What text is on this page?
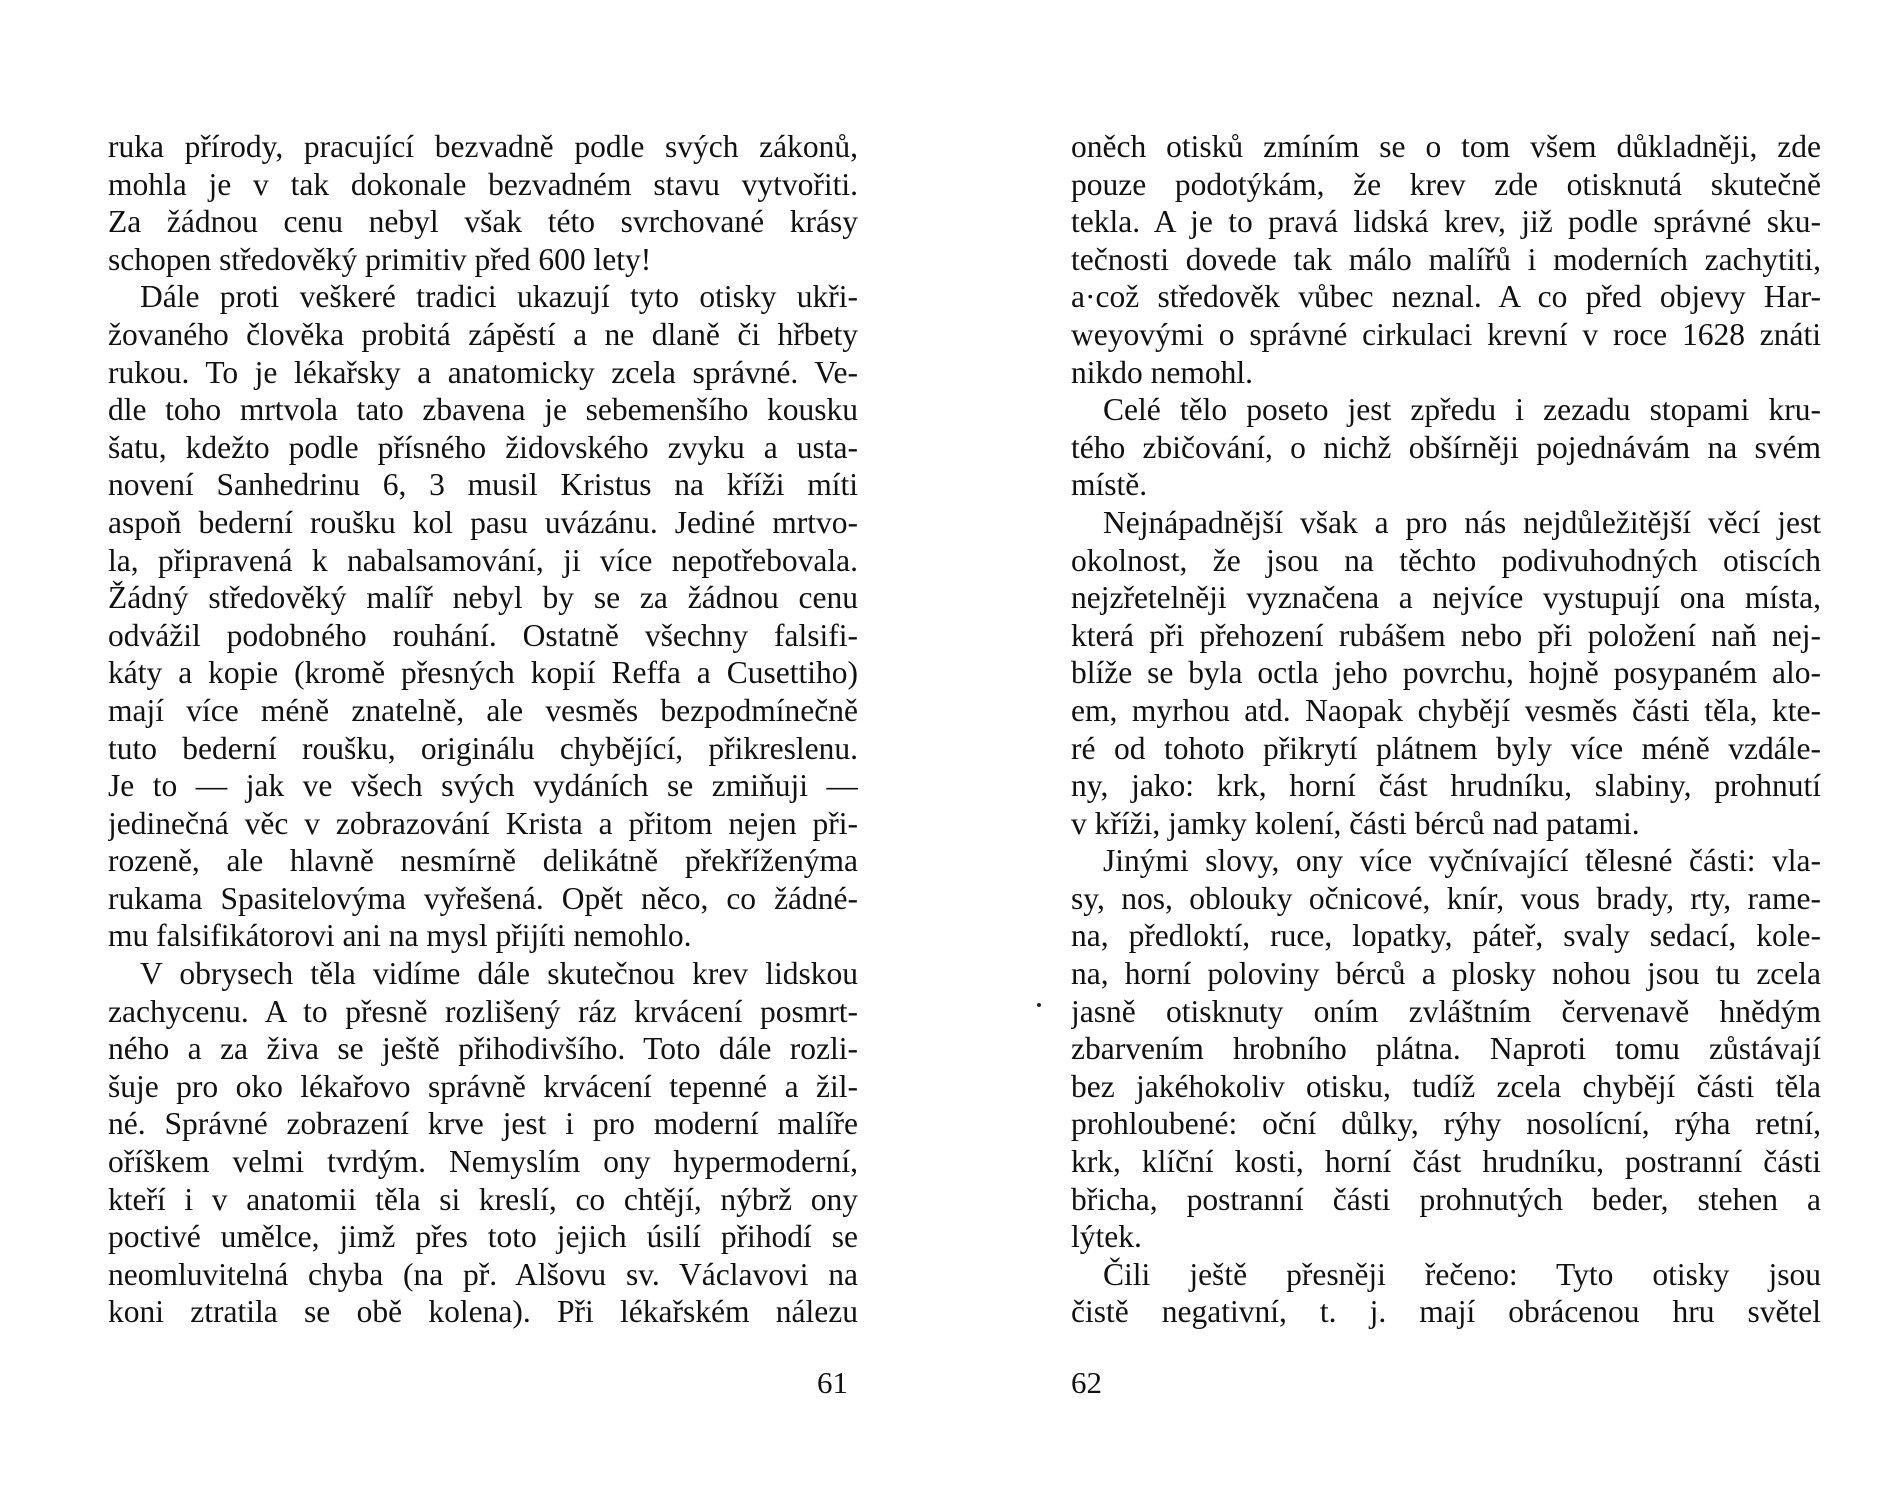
ruka přírody, pracující bezvadně podle svých zákonů,
mohla je v tak dokonale bezvadném stavu vytvořiti.
Za žádnou cenu nebyl však této svrchované krásy
schopen středověký primitiv před 600 lety!
Dále proti veškeré tradici ukazují tyto otisky ukři-
žovaného člověka probitá zápěstí a ne dlaně či hřbety
rukou. To je lékařsky a anatomicky zcela správné. Ve-
dle toho mrtvola tato zbavena je sebemenšího kousku
šatu, kdežto podle přísného židovského zvyku a usta-
novení Sanhedrinu 6, 3 musil Kristus na kříži míti
aspoň bederní roušku kol pasu uvázánu. Jediné mrtvo-
la, připravená k nabalsamování, ji více nepotřebovala.
Žádný středověký malíř nebyl by se za žádnou cenu
odvážil podobného rouhání. Ostatně všechny falsifi-
káty a kopie (kromě přesných kopií Reffa a Cusettiho)
mají více méně znatelně, ale vesměs bezpodmínečně
tuto bederní roušku, originálu chybějící, přikreslenu.
Je to — jak ve všech svých vydáních se zmiňuji —
jedinečná věc v zobrazování Krista a přitom nejen při-
rozeně, ale hlavně nesmírně delikátně překříženýma
rukama Spasitelovýma vyřešená. Opět něco, co žádné-
mu falsifikátorovi ani na mysl přijíti nemohlo.
V obrysech těla vidíme dále skutečnou krev lidskou
zachycenu. A to přesně rozlišený ráz krvácení posmrt-
ného a za živa se ještě přihodivšího. Toto dále rozli-
šuje pro oko lékařovo správně krvácení tepenné a žil-
né. Správné zobrazení krve jest i pro moderní malíře
oříškem velmi tvrdým. Nemyslím ony hypermoderní,
kteří i v anatomii těla si kreslí, co chtějí, nýbrž ony
poctivé umělce, jimž přes toto jejich úsilí přihodí se
neomluvitelná chyba (na př. Alšovu sv. Václavovi na
koni ztratila se obě kolena). Při lékařském nálezu
oněch otisků zmíním se o tom všem důkladněji, zde
pouze podotýkám, že krev zde otisknutá skutečně
tekla. A je to pravá lidská krev, již podle správné sku-
tečnosti dovede tak málo malířů i moderních zachytiti,
a·což středověk vůbec neznal. A co před objevy Har-
weyovými o správné cirkulaci krevní v roce 1628 znáti
nikdo nemohl.
Celé tělo poseto jest zpředu i zezadu stopami kru-
tého zbičování, o nichž obšírněji pojednávám na svém
místě.
Nejnápadnější však a pro nás nejdůležitější věcí jest
okolnost, že jsou na těchto podivuhodných otiscích
nejzřetelněji vyznačena a nejvíce vystupují ona místa,
která při přehození rubášem nebo při položení naň nej-
blíže se byla octla jeho povrchu, hojně posypaném alo-
em, myrhou atd. Naopak chybějí vesměs části těla, kte-
ré od tohoto přikrytí plátnem byly více méně vzdále-
ny, jako: krk, horní část hrudníku, slabiny, prohnutí
v kříži, jamky kolení, části bérců nad patami.
Jinými slovy, ony více vyčnívající tělesné části: vla-
sy, nos, oblouky očnicové, knír, vous brady, rty, rame-
na, předloktí, ruce, lopatky, páteř, svaly sedací, kole-
na, horní poloviny bérců a plosky nohou jsou tu zcela
jasně otisknuty oním zvláštním červenavě hnědým
zbarvením hrobního plátna. Naproti tomu zůstávají
bez jakéhokoliv otisku, tudíž zcela chybějí části těla
prohloubené: oční důlky, rýhy nosolícní, rýha retní,
krk, klíční kosti, horní část hrudníku, postranní části
břicha, postranní části prohnutých beder, stehen a
lýtek.
Čili ještě přesněji řečeno: Tyto otisky jsou
čistě negativní, t. j. mají obrácenou hru světel
61	62
